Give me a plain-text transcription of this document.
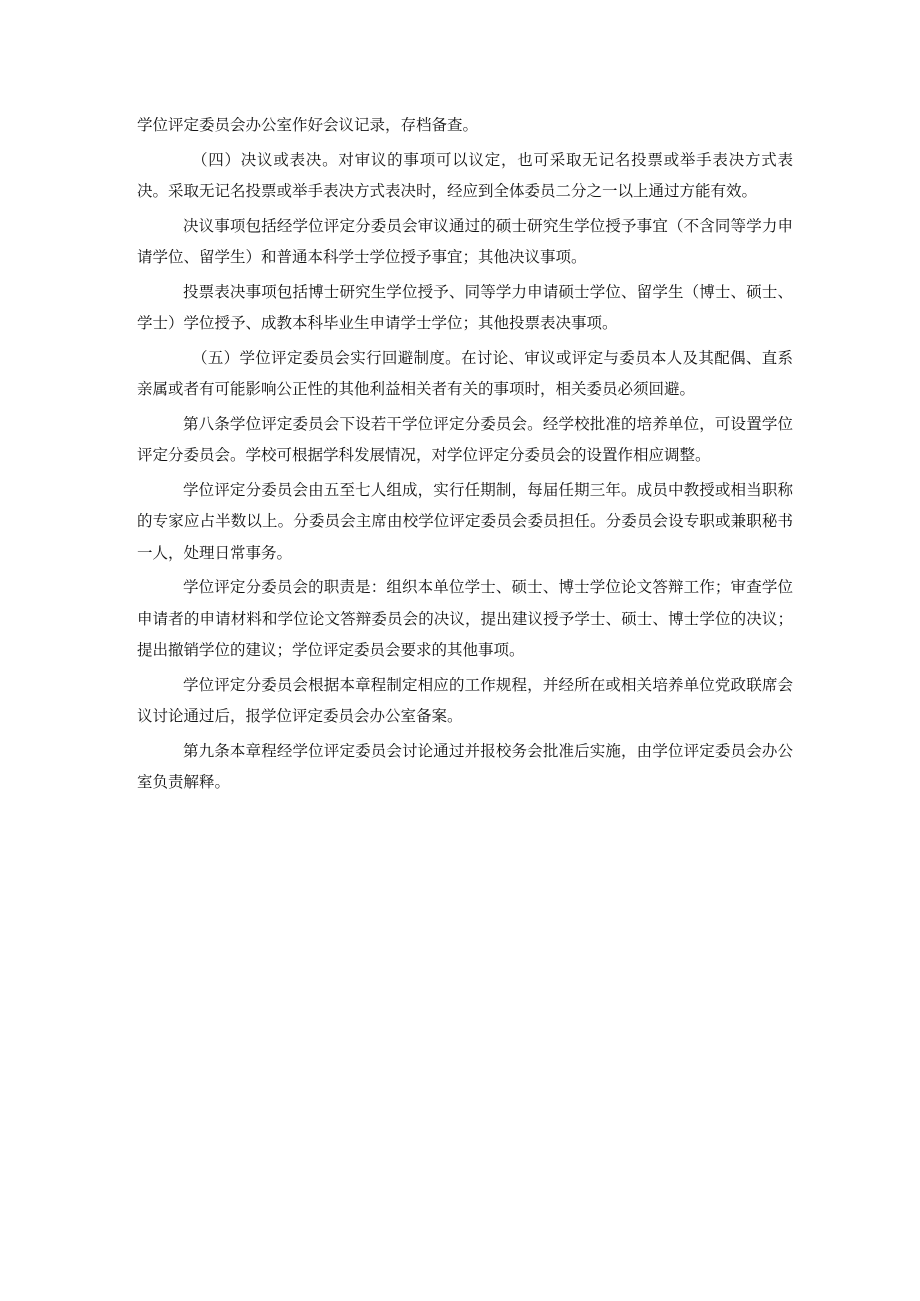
学位评定委员会办公室作好会议记录，存档备查。

（四）决议或表决。对审议的事项可以议定，也可采取无记名投票或举手表决方式表决。采取无记名投票或举手表决方式表决时，经应到全体委员二分之一以上通过方能有效。

决议事项包括经学位评定分委员会审议通过的硕士研究生学位授予事宜（不含同等学力申请学位、留学生）和普通本科学士学位授予事宜；其他决议事项。

投票表决事项包括博士研究生学位授予、同等学力申请硕士学位、留学生（博士、硕士、学士）学位授予、成教本科毕业生申请学士学位；其他投票表决事项。

（五）学位评定委员会实行回避制度。在讨论、审议或评定与委员本人及其配偶、直系亲属或者有可能影响公正性的其他利益相关者有关的事项时，相关委员必须回避。

第八条学位评定委员会下设若干学位评定分委员会。经学校批准的培养单位，可设置学位评定分委员会。学校可根据学科发展情况，对学位评定分委员会的设置作相应调整。

学位评定分委员会由五至七人组成，实行任期制，每届任期三年。成员中教授或相当职称的专家应占半数以上。分委员会主席由校学位评定委员会委员担任。分委员会设专职或兼职秘书一人，处理日常事务。

学位评定分委员会的职责是：组织本单位学士、硕士、博士学位论文答辩工作；审查学位申请者的申请材料和学位论文答辩委员会的决议，提出建议授予学士、硕士、博士学位的决议；提出撤销学位的建议；学位评定委员会要求的其他事项。

学位评定分委员会根据本章程制定相应的工作规程，并经所在或相关培养单位党政联席会议讨论通过后，报学位评定委员会办公室备案。

第九条本章程经学位评定委员会讨论通过并报校务会批准后实施，由学位评定委员会办公室负责解释。
